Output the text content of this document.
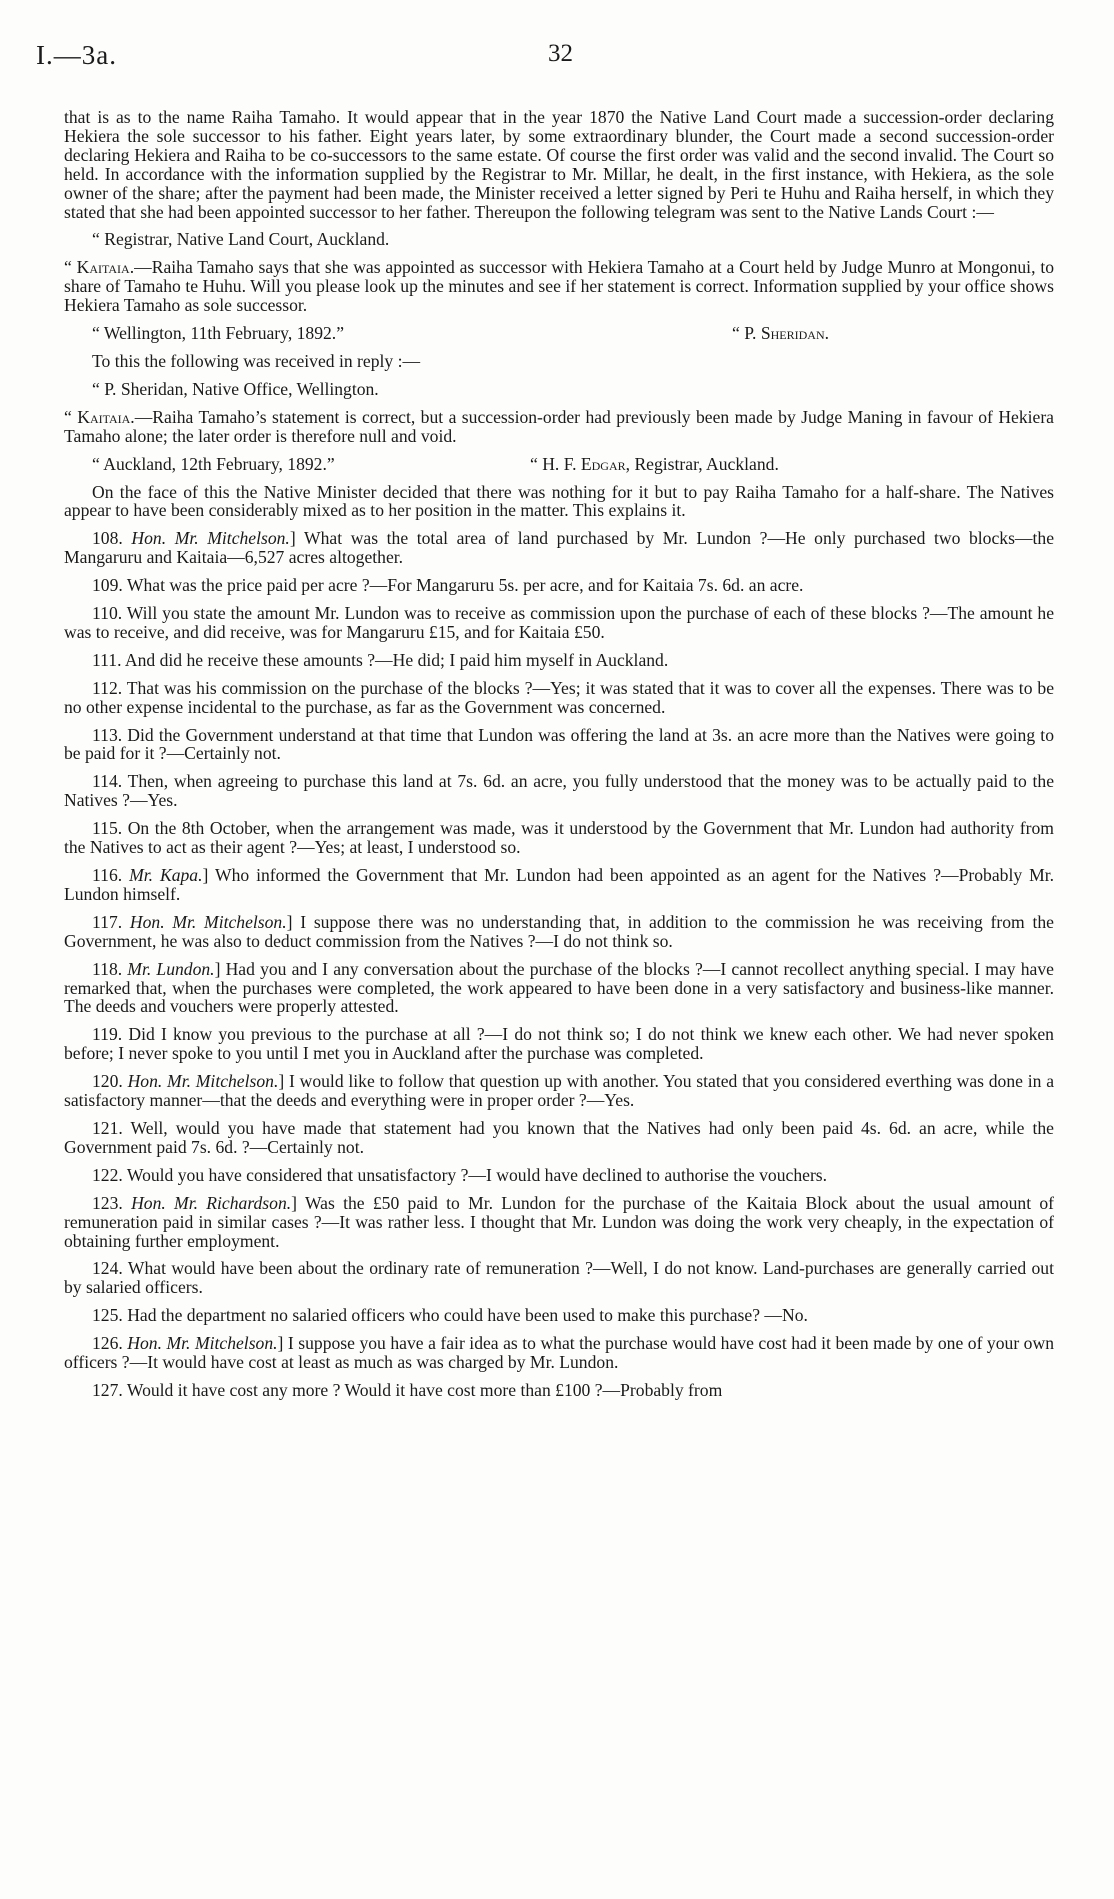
I.—3a.	32

that is as to the name Raiha Tamaho. It would appear that in the year 1870 the Native Land Court made a succession-order declaring Hekiera the sole successor to his father. Eight years later, by some extraordinary blunder, the Court made a second succession-order declaring Hekiera and Raiha to be co-successors to the same estate. Of course the first order was valid and the second invalid. The Court so held. In accordance with the information supplied by the Registrar to Mr. Millar, he dealt, in the first instance, with Hekiera, as the sole owner of the share; after the payment had been made, the Minister received a letter signed by Peri te Huhu and Raiha herself, in which they stated that she had been appointed successor to her father. Thereupon the following telegram was sent to the Native Lands Court :—

“ Registrar, Native Land Court, Auckland.

“ Kaitaia.—Raiha Tamaho says that she was appointed as successor with Hekiera Tamaho at a Court held by Judge Munro at Mongonui, to share of Tamaho te Huhu. Will you please look up the minutes and see if her statement is correct. Information supplied by your office shows Hekiera Tamaho as sole successor.

“ Wellington, 11th February, 1892.”	“ P. Sheridan.

To this the following was received in reply :—

“ P. Sheridan, Native Office, Wellington.

“ Kaitaia.—Raiha Tamaho’s statement is correct, but a succession-order had previously been made by Judge Maning in favour of Hekiera Tamaho alone; the later order is therefore null and void.

“ Auckland, 12th February, 1892.”	“ H. F. Edgar, Registrar, Auckland.

On the face of this the Native Minister decided that there was nothing for it but to pay Raiha Tamaho for a half-share. The Natives appear to have been considerably mixed as to her position in the matter. This explains it.

108. Hon. Mr. Mitchelson.] What was the total area of land purchased by Mr. Lundon ?—He only purchased two blocks—the Mangaruru and Kaitaia—6,527 acres altogether.

109. What was the price paid per acre ?—For Mangaruru 5s. per acre, and for Kaitaia 7s. 6d. an acre.

110. Will you state the amount Mr. Lundon was to receive as commission upon the purchase of each of these blocks ?—The amount he was to receive, and did receive, was for Mangaruru £15, and for Kaitaia £50.

111. And did he receive these amounts ?—He did; I paid him myself in Auckland.

112. That was his commission on the purchase of the blocks ?—Yes; it was stated that it was to cover all the expenses. There was to be no other expense incidental to the purchase, as far as the Government was concerned.

113. Did the Government understand at that time that Lundon was offering the land at 3s. an acre more than the Natives were going to be paid for it ?—Certainly not.

114. Then, when agreeing to purchase this land at 7s. 6d. an acre, you fully understood that the money was to be actually paid to the Natives ?—Yes.

115. On the 8th October, when the arrangement was made, was it understood by the Government that Mr. Lundon had authority from the Natives to act as their agent ?—Yes; at least, I understood so.

116. Mr. Kapa.] Who informed the Government that Mr. Lundon had been appointed as an agent for the Natives ?—Probably Mr. Lundon himself.

117. Hon. Mr. Mitchelson.] I suppose there was no understanding that, in addition to the commission he was receiving from the Government, he was also to deduct commission from the Natives ?—I do not think so.

118. Mr. Lundon.] Had you and I any conversation about the purchase of the blocks ?—I cannot recollect anything special. I may have remarked that, when the purchases were completed, the work appeared to have been done in a very satisfactory and business-like manner. The deeds and vouchers were properly attested.

119. Did I know you previous to the purchase at all ?—I do not think so; I do not think we knew each other. We had never spoken before; I never spoke to you until I met you in Auckland after the purchase was completed.

120. Hon. Mr. Mitchelson.] I would like to follow that question up with another. You stated that you considered everthing was done in a satisfactory manner—that the deeds and everything were in proper order ?—Yes.

121. Well, would you have made that statement had you known that the Natives had only been paid 4s. 6d. an acre, while the Government paid 7s. 6d. ?—Certainly not.

122. Would you have considered that unsatisfactory ?—I would have declined to authorise the vouchers.

123. Hon. Mr. Richardson.] Was the £50 paid to Mr. Lundon for the purchase of the Kaitaia Block about the usual amount of remuneration paid in similar cases ?—It was rather less. I thought that Mr. Lundon was doing the work very cheaply, in the expectation of obtaining further employment.

124. What would have been about the ordinary rate of remuneration ?—Well, I do not know. Land-purchases are generally carried out by salaried officers.

125. Had the department no salaried officers who could have been used to make this purchase? —No.

126. Hon. Mr. Mitchelson.] I suppose you have a fair idea as to what the purchase would have cost had it been made by one of your own officers ?—It would have cost at least as much as was charged by Mr. Lundon.

127. Would it have cost any more ? Would it have cost more than £100 ?—Probably from
